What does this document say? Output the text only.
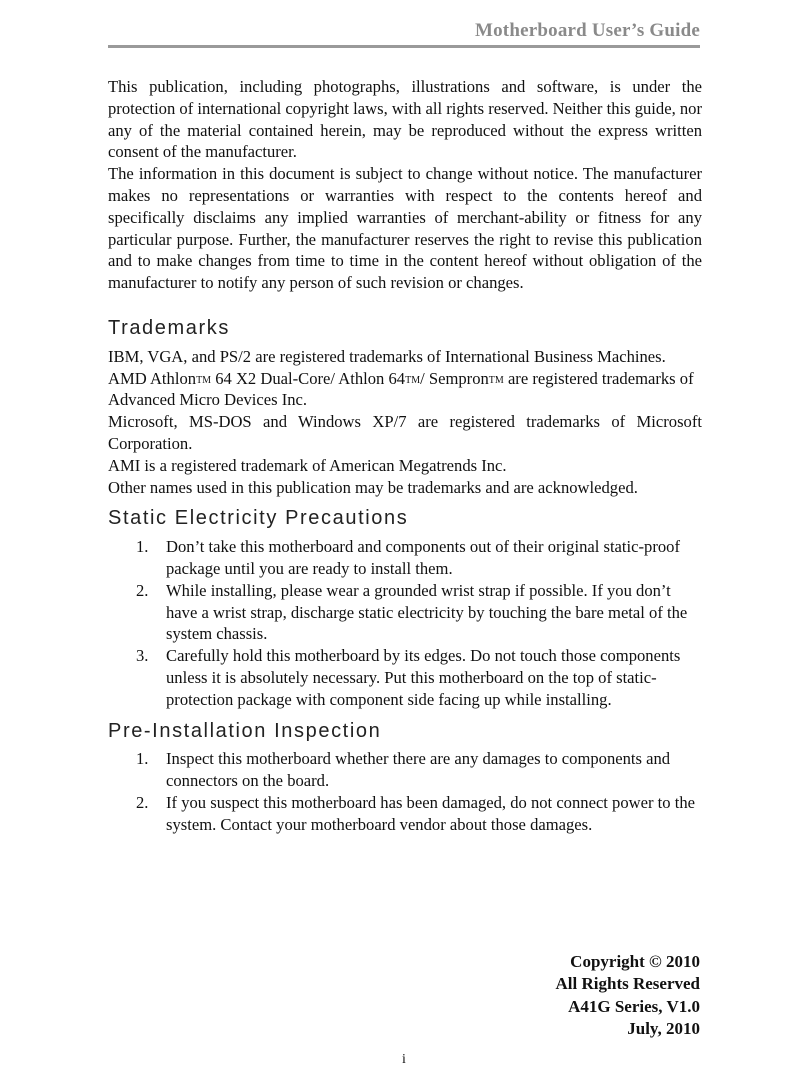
Motherboard User’s Guide

This publication, including photographs, illustrations and software, is under the protection of international copyright laws, with all rights reserved. Neither this guide, nor any of the material contained herein, may be reproduced without the express written consent of the manufacturer.

The information in this document is subject to change without notice. The manufacturer makes no representations or warranties with respect to the contents hereof and specifically disclaims any implied warranties of merchant-ability or fitness for any particular purpose. Further, the manufacturer reserves the right to revise this publication and to make changes from time to time in the content hereof without obligation of the manufacturer to notify any person of such revision or changes.

Trademarks

IBM, VGA, and PS/2 are registered trademarks of International Business Machines.

AMD Athlon™ 64 X2 Dual-Core/ Athlon 64™/ Sempron™ are registered trademarks of Advanced Micro Devices Inc.

Microsoft, MS-DOS and Windows XP/7 are registered trademarks of Microsoft Corporation.

AMI is a registered trademark of American Megatrends Inc.

Other names used in this publication may be trademarks and are acknowledged.

Static Electricity Precautions
1. Don’t take this motherboard and components out of their original static-proof package until you are ready to install them.
2. While installing, please wear a grounded wrist strap if possible. If you don’t have a wrist strap, discharge static electricity by touching the bare metal of the system chassis.
3. Carefully hold this motherboard by its edges. Do not touch those components unless it is absolutely necessary. Put this motherboard on the top of static-protection package with component side facing up while installing.
Pre-Installation Inspection
1. Inspect this motherboard whether there are any damages to components and connectors on the board.
2. If you suspect this motherboard has been damaged, do not connect power to the system. Contact your motherboard vendor about those damages.
Copyright © 2010
All Rights Reserved
A41G Series, V1.0
July, 2010
i
